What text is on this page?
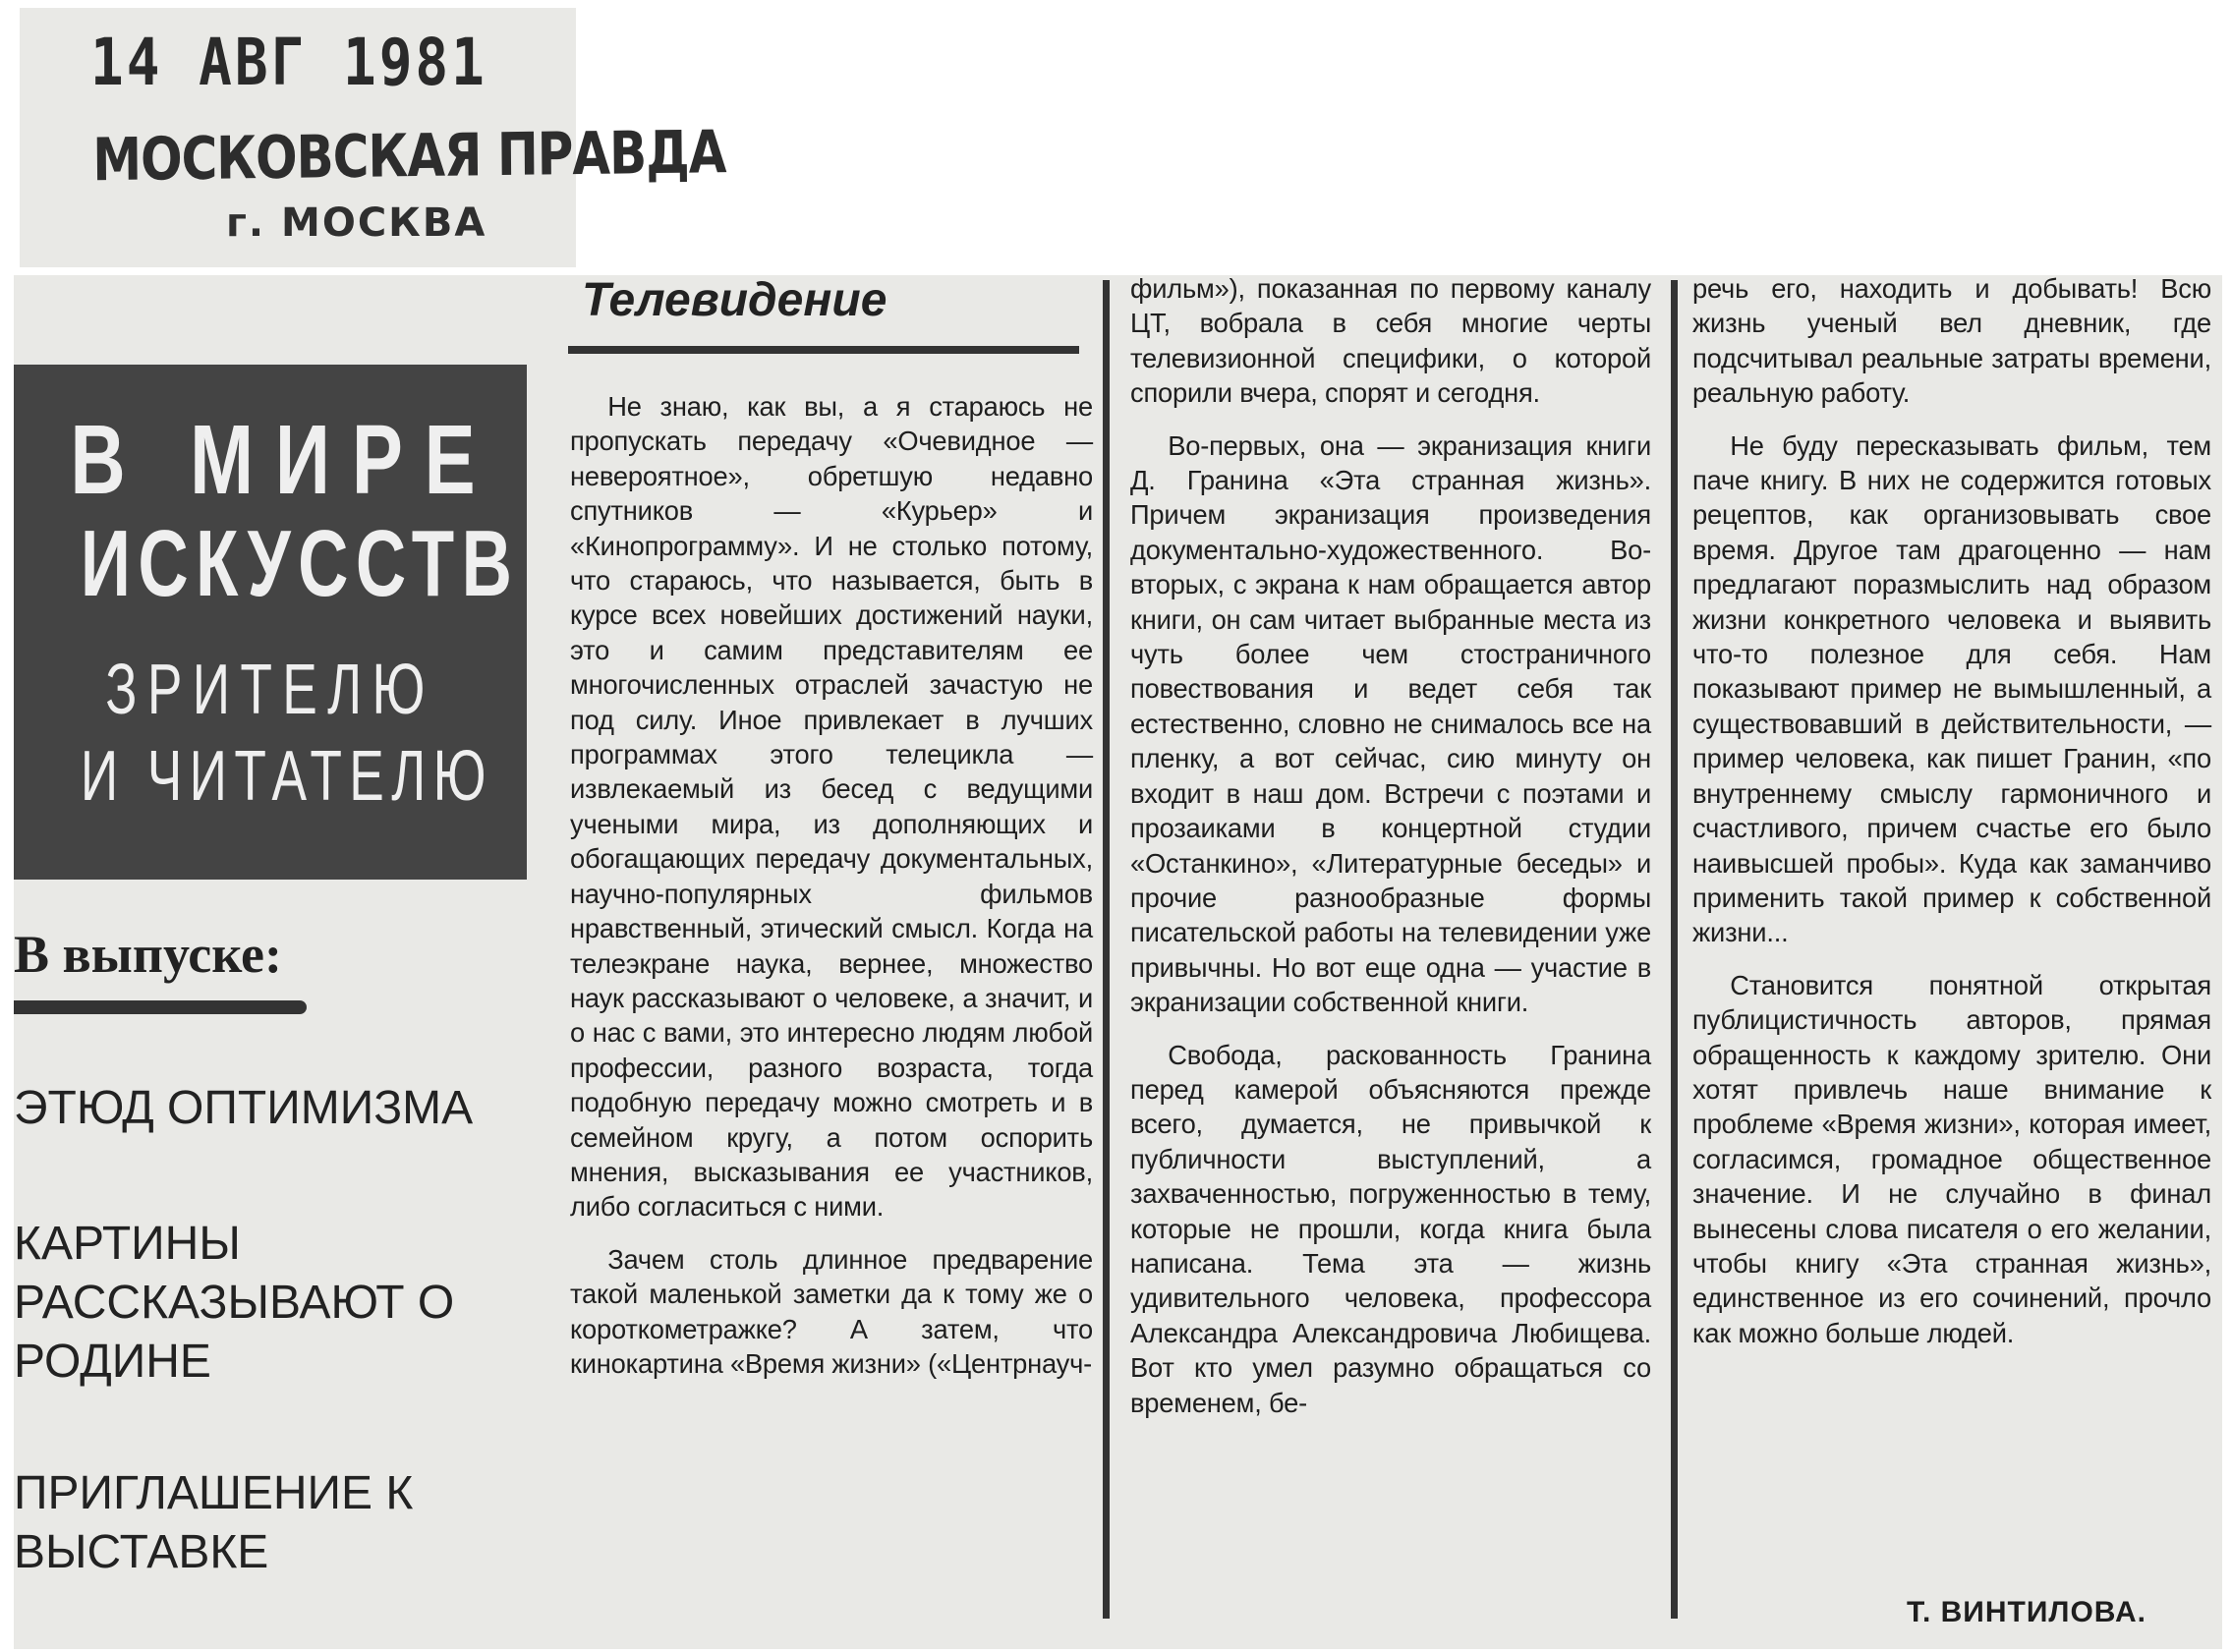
14 АВГ 1981
МОСКОВСКАЯ ПРАВДА
г. МОСКВА
В МИРЕ
ИСКУССТВ
ЗРИТЕЛЮ
И ЧИТАТЕЛЮ
В выпуске:
ЭТЮД ОПТИМИЗМА
КАРТИНЫ РАССКАЗЫВАЮТ О РОДИНЕ
ПРИГЛАШЕНИЕ К ВЫСТАВКЕ
Телевидение

Не знаю, как вы, а я стараюсь не пропускать передачу «Очевидное — невероятное», обретшую недавно спутников — «Курьер» и «Кинопрограмму». И не столько потому, что стараюсь, что называется, быть в курсе всех новейших достижений науки, это и самим представителям ее многочисленных отраслей зачастую не под силу. Иное привлекает в лучших программах этого телецикла — извлекаемый из бесед с ведущими учеными мира, из дополняющих и обогащающих передачу документальных, научно-популярных фильмов нравственный, этический смысл. Когда на телеэкране наука, вернее, множество наук рассказывают о человеке, а значит, и о нас с вами, это интересно людям любой профессии, разного возраста, тогда подобную передачу можно смотреть и в семейном кругу, а потом оспорить мнения, высказывания ее участников, либо согласиться с ними.

Зачем столь длинное предварение такой маленькой заметки да к тому же о короткометражке? А затем, что кинокартина «Время жизни» («Центрнауч-

фильм»), показанная по первому каналу ЦТ, вобрала в себя многие черты телевизионной специфики, о которой спорили вчера, спорят и сегодня.

Во-первых, она — экранизация книги Д. Гранина «Эта странная жизнь». Причем экранизация произведения документально-художественного. Во-вторых, с экрана к нам обращается автор книги, он сам читает выбранные места из чуть более чем стостраничного повествования и ведет себя так естественно, словно не снималось все на пленку, а вот сейчас, сию минуту он входит в наш дом. Встречи с поэтами и прозаиками в концертной студии «Останкино», «Литературные беседы» и прочие разнообразные формы писательской работы на телевидении уже привычны. Но вот еще одна — участие в экранизации собственной книги.

Свобода, раскованность Гранина перед камерой объясняются прежде всего, думается, не привычкой к публичности выступлений, а захваченностью, погруженностью в тему, которые не прошли, когда книга была написана. Тема эта — жизнь удивительного человека, профессора Александра Александровича Любищева. Вот кто умел разумно обращаться со временем, бе-

речь его, находить и добывать! Всю жизнь ученый вел дневник, где подсчитывал реальные затраты времени, реальную работу.

Не буду пересказывать фильм, тем паче книгу. В них не содержится готовых рецептов, как организовывать свое время. Другое там драгоценно — нам предлагают поразмыслить над образом жизни конкретного человека и выявить что-то полезное для себя. Нам показывают пример не вымышленный, а существовавший в действительности, — пример человека, как пишет Гранин, «по внутреннему смыслу гармоничного и счастливого, причем счастье его было наивысшей пробы». Куда как заманчиво применить такой пример к собственной жизни...

Становится понятной открытая публицистичность авторов, прямая обращенность к каждому зрителю. Они хотят привлечь наше внимание к проблеме «Время жизни», которая имеет, согласимся, громадное общественное значение. И не случайно в финал вынесены слова писателя о его желании, чтобы книгу «Эта странная жизнь», единственное из его сочинений, прочло как можно больше людей.

Т. ВИНТИЛОВА.
